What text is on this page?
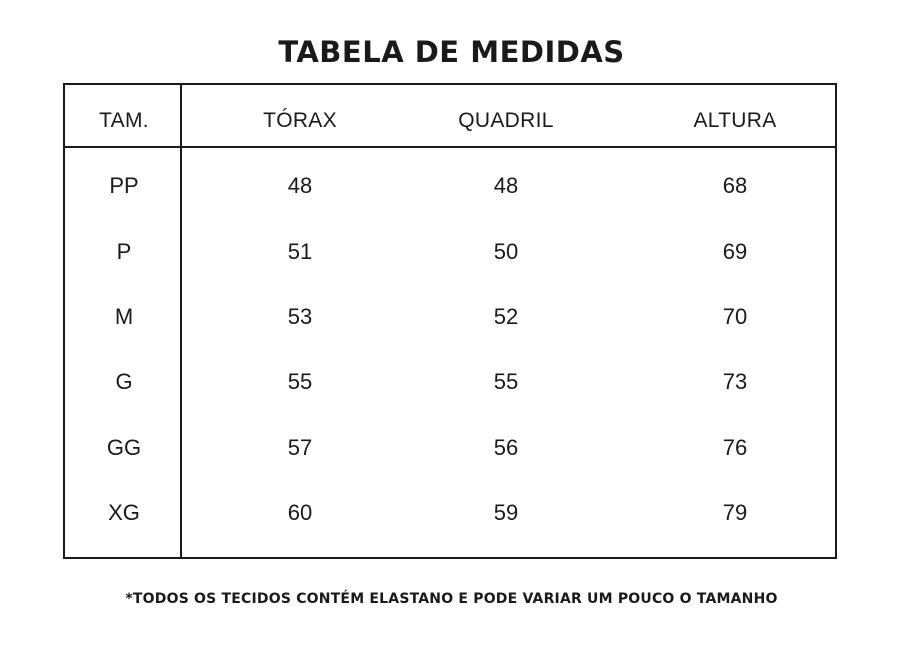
TABELA DE MEDIDAS
TAM.	TÓRAX	QUADRIL	ALTURA
PP	48	48	68
P	51	50	69
M	53	52	70
G	55	55	73
GG	57	56	76
XG	60	59	79
*TODOS OS TECIDOS CONTÉM ELASTANO E PODE VARIAR UM POUCO O TAMANHO
